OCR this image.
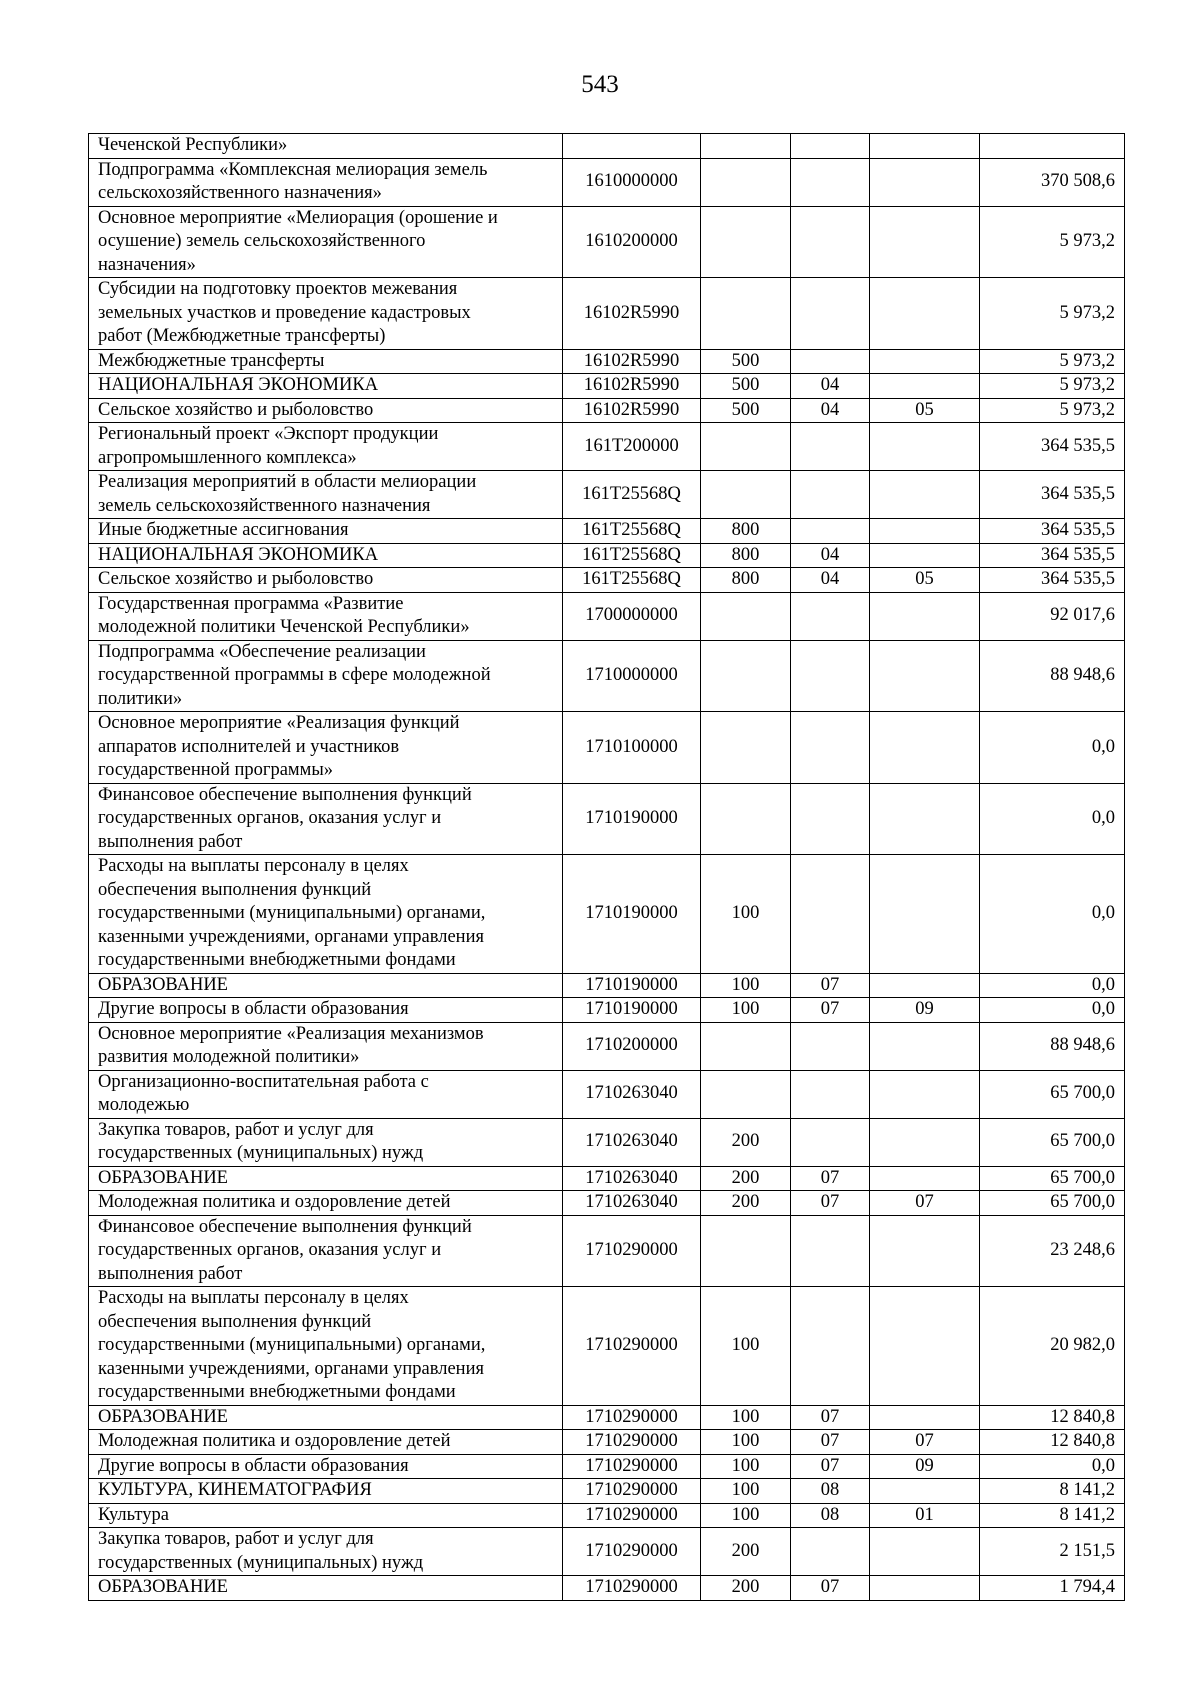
543
Чеченской Республики»					
Подпрограмма «Комплексная мелиорация земель
сельскохозяйственного назначения»	1610000000				370 508,6
Основное мероприятие «Мелиорация (орошение и
осушение) земель сельскохозяйственного
назначения»	1610200000				5 973,2
Субсидии на подготовку проектов межевания
земельных участков и проведение кадастровых
работ (Межбюджетные трансферты)	16102R5990				5 973,2
Межбюджетные трансферты	16102R5990	500			5 973,2
НАЦИОНАЛЬНАЯ ЭКОНОМИКА	16102R5990	500	04		5 973,2
Сельское хозяйство и рыболовство	16102R5990	500	04	05	5 973,2
Региональный проект «Экспорт продукции
агропромышленного комплекса»	161T200000				364 535,5
Реализация мероприятий в области мелиорации
земель сельскохозяйственного назначения	161T25568Q				364 535,5
Иные бюджетные ассигнования	161T25568Q	800			364 535,5
НАЦИОНАЛЬНАЯ ЭКОНОМИКА	161T25568Q	800	04		364 535,5
Сельское хозяйство и рыболовство	161T25568Q	800	04	05	364 535,5
Государственная программа «Развитие
молодежной политики Чеченской Республики»	1700000000				92 017,6
Подпрограмма «Обеспечение реализации
государственной программы в сфере молодежной
политики»	1710000000				88 948,6
Основное мероприятие «Реализация функций
аппаратов исполнителей и участников
государственной программы»	1710100000				0,0
Финансовое обеспечение выполнения функций
государственных органов, оказания услуг и
выполнения работ	1710190000				0,0
Расходы на выплаты персоналу в целях
обеспечения выполнения функций
государственными (муниципальными) органами,
казенными учреждениями, органами управления
государственными внебюджетными фондами	1710190000	100			0,0
ОБРАЗОВАНИЕ	1710190000	100	07		0,0
Другие вопросы в области образования	1710190000	100	07	09	0,0
Основное мероприятие «Реализация механизмов
развития молодежной политики»	1710200000				88 948,6
Организационно-воспитательная работа с
молодежью	1710263040				65 700,0
Закупка товаров, работ и услуг для
государственных (муниципальных) нужд	1710263040	200			65 700,0
ОБРАЗОВАНИЕ	1710263040	200	07		65 700,0
Молодежная политика и оздоровление детей	1710263040	200	07	07	65 700,0
Финансовое обеспечение выполнения функций
государственных органов, оказания услуг и
выполнения работ	1710290000				23 248,6
Расходы на выплаты персоналу в целях
обеспечения выполнения функций
государственными (муниципальными) органами,
казенными учреждениями, органами управления
государственными внебюджетными фондами	1710290000	100			20 982,0
ОБРАЗОВАНИЕ	1710290000	100	07		12 840,8
Молодежная политика и оздоровление детей	1710290000	100	07	07	12 840,8
Другие вопросы в области образования	1710290000	100	07	09	0,0
КУЛЬТУРА, КИНЕМАТОГРАФИЯ	1710290000	100	08		8 141,2
Культура	1710290000	100	08	01	8 141,2
Закупка товаров, работ и услуг для
государственных (муниципальных) нужд	1710290000	200			2 151,5
ОБРАЗОВАНИЕ	1710290000	200	07		1 794,4
